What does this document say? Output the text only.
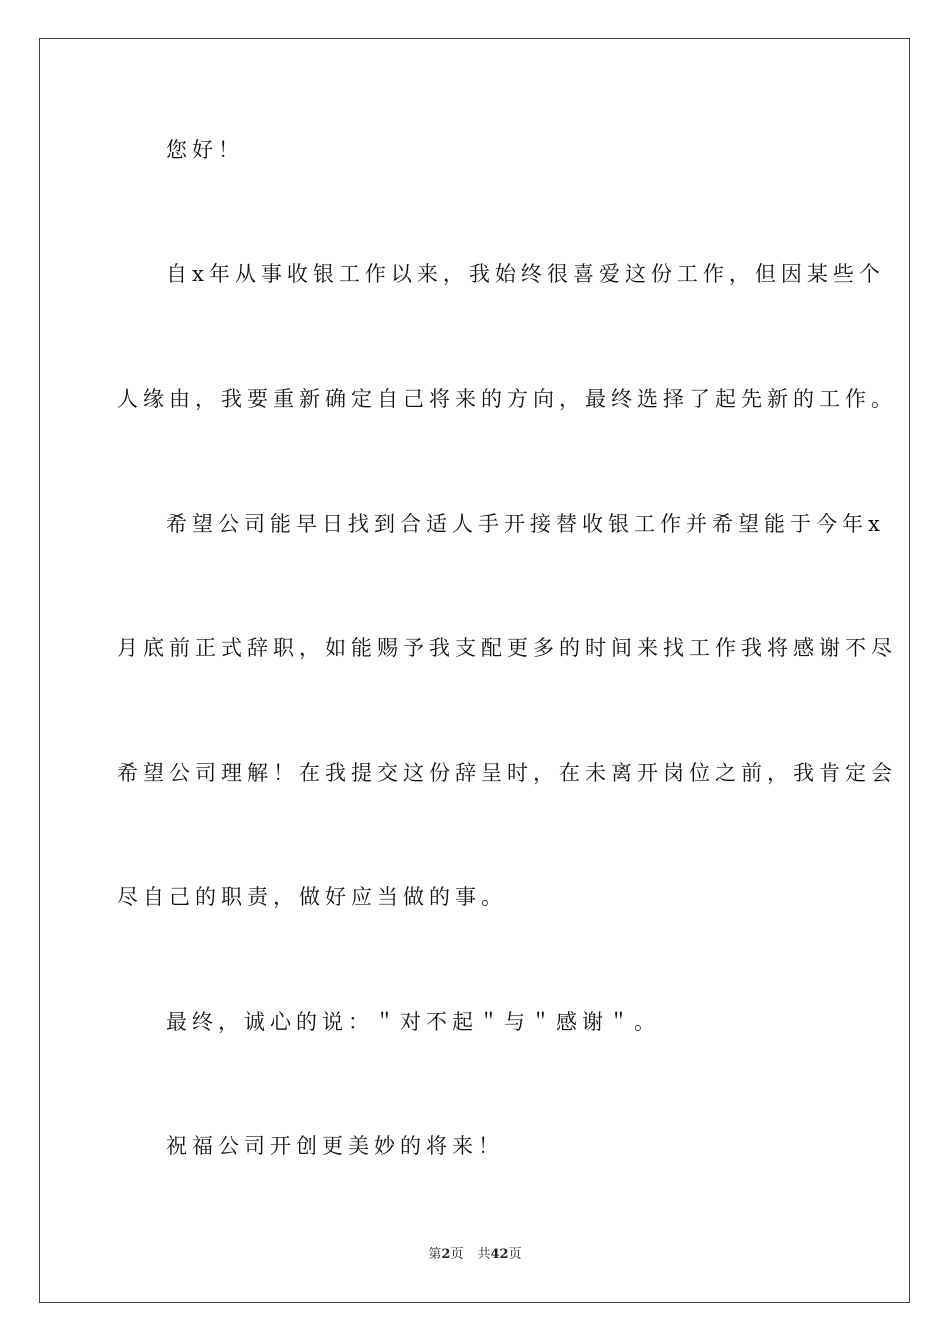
您好！
自x年从事收银工作以来，我始终很喜爱这份工作，但因某些个
人缘由，我要重新确定自己将来的方向，最终选择了起先新的工作。
希望公司能早日找到合适人手开接替收银工作并希望能于今年x
月底前正式辞职，如能赐予我支配更多的时间来找工作我将感谢不尽
希望公司理解！在我提交这份辞呈时，在未离开岗位之前，我肯定会
尽自己的职责，做好应当做的事。
最终，诚心的说：＂对不起＂与＂感谢＂。
祝福公司开创更美妙的将来！
第2页 共42页
